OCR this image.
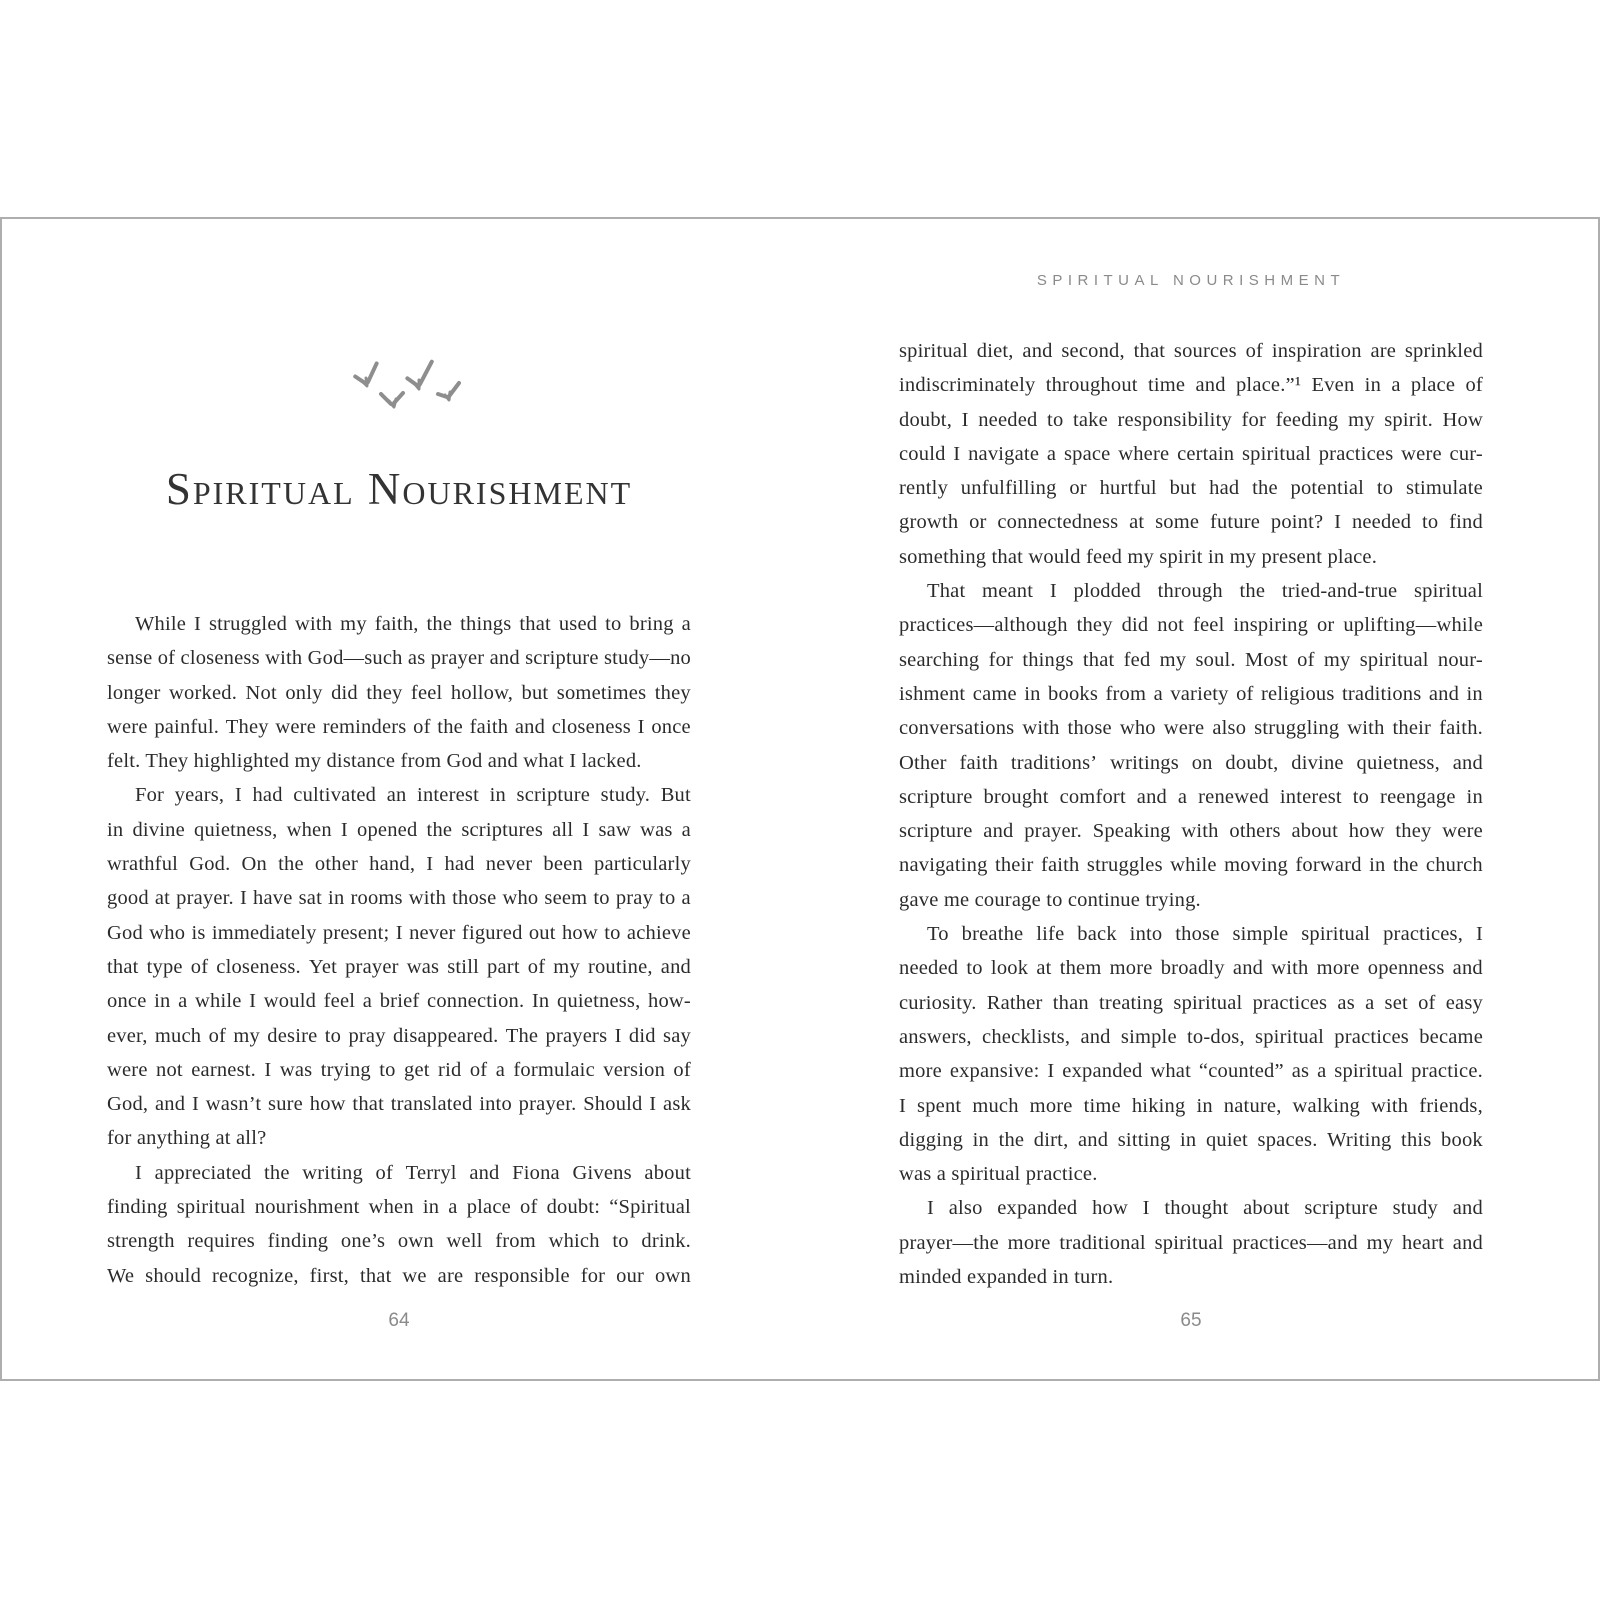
Spiritual Nourishment
While I struggled with my faith, the things that used to bring a
sense of closeness with God—such as prayer and scripture study—no
longer worked. Not only did they feel hollow, but sometimes they
were painful. They were reminders of the faith and closeness I once
felt. They highlighted my distance from God and what I lacked.
For years, I had cultivated an interest in scripture study. But
in divine quietness, when I opened the scriptures all I saw was a
wrathful God. On the other hand, I had never been particularly
good at prayer. I have sat in rooms with those who seem to pray to a
God who is immediately present; I never figured out how to achieve
that type of closeness. Yet prayer was still part of my routine, and
once in a while I would feel a brief connection. In quietness, how-
ever, much of my desire to pray disappeared. The prayers I did say
were not earnest. I was trying to get rid of a formulaic version of
God, and I wasn’t sure how that translated into prayer. Should I ask
for anything at all?
I appreciated the writing of Terryl and Fiona Givens about
finding spiritual nourishment when in a place of doubt: “Spiritual
strength requires finding one’s own well from which to drink.
We should recognize, first, that we are responsible for our own
64
SPIRITUAL NOURISHMENT
spiritual diet, and second, that sources of inspiration are sprinkled
indiscriminately throughout time and place.”¹ Even in a place of
doubt, I needed to take responsibility for feeding my spirit. How
could I navigate a space where certain spiritual practices were cur-
rently unfulfilling or hurtful but had the potential to stimulate
growth or connectedness at some future point? I needed to find
something that would feed my spirit in my present place.
That meant I plodded through the tried-and-true spiritual
practices—although they did not feel inspiring or uplifting—while
searching for things that fed my soul. Most of my spiritual nour-
ishment came in books from a variety of religious traditions and in
conversations with those who were also struggling with their faith.
Other faith traditions’ writings on doubt, divine quietness, and
scripture brought comfort and a renewed interest to reengage in
scripture and prayer. Speaking with others about how they were
navigating their faith struggles while moving forward in the church
gave me courage to continue trying.
To breathe life back into those simple spiritual practices, I
needed to look at them more broadly and with more openness and
curiosity. Rather than treating spiritual practices as a set of easy
answers, checklists, and simple to-dos, spiritual practices became
more expansive: I expanded what “counted” as a spiritual practice.
I spent much more time hiking in nature, walking with friends,
digging in the dirt, and sitting in quiet spaces. Writing this book
was a spiritual practice.
I also expanded how I thought about scripture study and
prayer—the more traditional spiritual practices—and my heart and
minded expanded in turn.
65
